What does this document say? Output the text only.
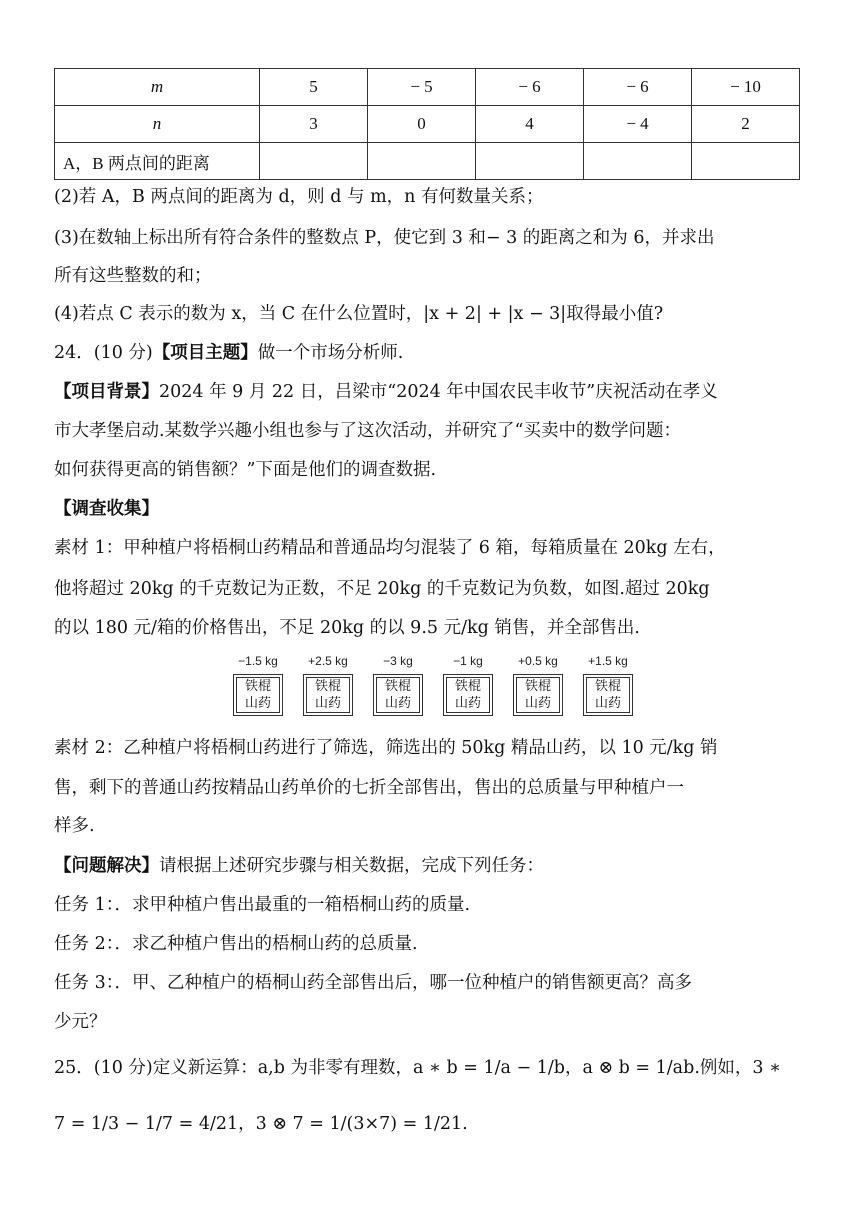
m	5	− 5	− 6	− 6	− 10
n	3	0	4	− 4	2
A，B 两点间的距离					
(2)若 A，B 两点间的距离为 d，则 d 与 m，n 有何数量关系；
(3)在数轴上标出所有符合条件的整数点 P，使它到 3 和− 3 的距离之和为 6，并求出
所有这些整数的和；
(4)若点 C 表示的数为 x，当 C 在什么位置时，|x + 2| + |x − 3|取得最小值?
24．(10 分)【项目主题】做一个市场分析师.
【项目背景】2024 年 9 月 22 日，吕梁市“2024 年中国农民丰收节”庆祝活动在孝义
市大孝堡启动.某数学兴趣小组也参与了这次活动，并研究了“买卖中的数学问题：
如何获得更高的销售额？”下面是他们的调查数据.
【调查收集】
素材 1：甲种植户将梧桐山药精品和普通品均匀混装了 6 箱，每箱质量在 20kg 左右，
他将超过 20kg 的千克数记为正数，不足 20kg 的千克数记为负数，如图.超过 20kg
的以 180 元/箱的价格售出，不足 20kg 的以 9.5 元/kg 销售，并全部售出.
−1.5 kg
铁棍
山药
+2.5 kg
铁棍
山药
−3 kg
铁棍
山药
−1 kg
铁棍
山药
+0.5 kg
铁棍
山药
+1.5 kg
铁棍
山药
素材 2：乙种植户将梧桐山药进行了筛选，筛选出的 50kg 精品山药，以 10 元/kg 销
售，剩下的普通山药按精品山药单价的七折全部售出，售出的总质量与甲种植户一
样多.
【问题解决】请根据上述研究步骤与相关数据，完成下列任务：
任务 1：．求甲种植户售出最重的一箱梧桐山药的质量.
任务 2：．求乙种植户售出的梧桐山药的总质量.
任务 3：．甲、乙种植户的梧桐山药全部售出后，哪一位种植户的销售额更高？高多
少元？
25．(10 分)定义新运算：a,b 为非零有理数，a ∗ b = 1/a − 1/b，a ⊗ b = 1/ab.例如，3 ∗
7 = 1/3 − 1/7 = 4/21，3 ⊗ 7 = 1/(3×7) = 1/21.
